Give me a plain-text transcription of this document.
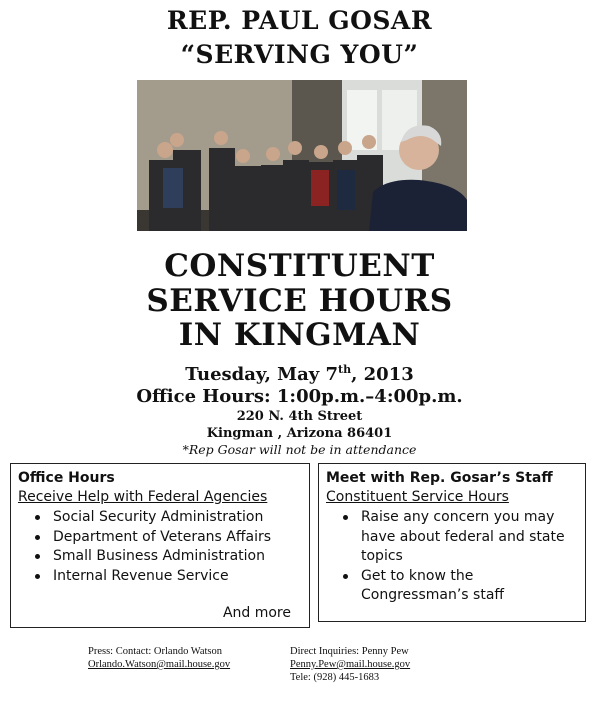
REP. PAUL GOSAR
“SERVING YOU”
CONSTITUENT
SERVICE HOURS
IN KINGMAN
Tuesday, May 7th, 2013
Office Hours: 1:00p.m.–4:00p.m.
220 N. 4th Street
Kingman , Arizona 86401
*Rep Gosar will not be in attendance
Office Hours
Receive Help with Federal Agencies
Social Security Administration
Department of Veterans Affairs
Small Business Administration
Internal Revenue Service
And more
Meet with Rep. Gosar’s Staff
Constituent Service Hours
Raise any concern you may have about federal and state topics
Get to know the Congressman’s staff
Press: Contact: Orlando Watson
Orlando.Watson@mail.house.gov
Direct Inquiries: Penny Pew
Penny.Pew@mail.house.gov
Tele: (928) 445-1683
